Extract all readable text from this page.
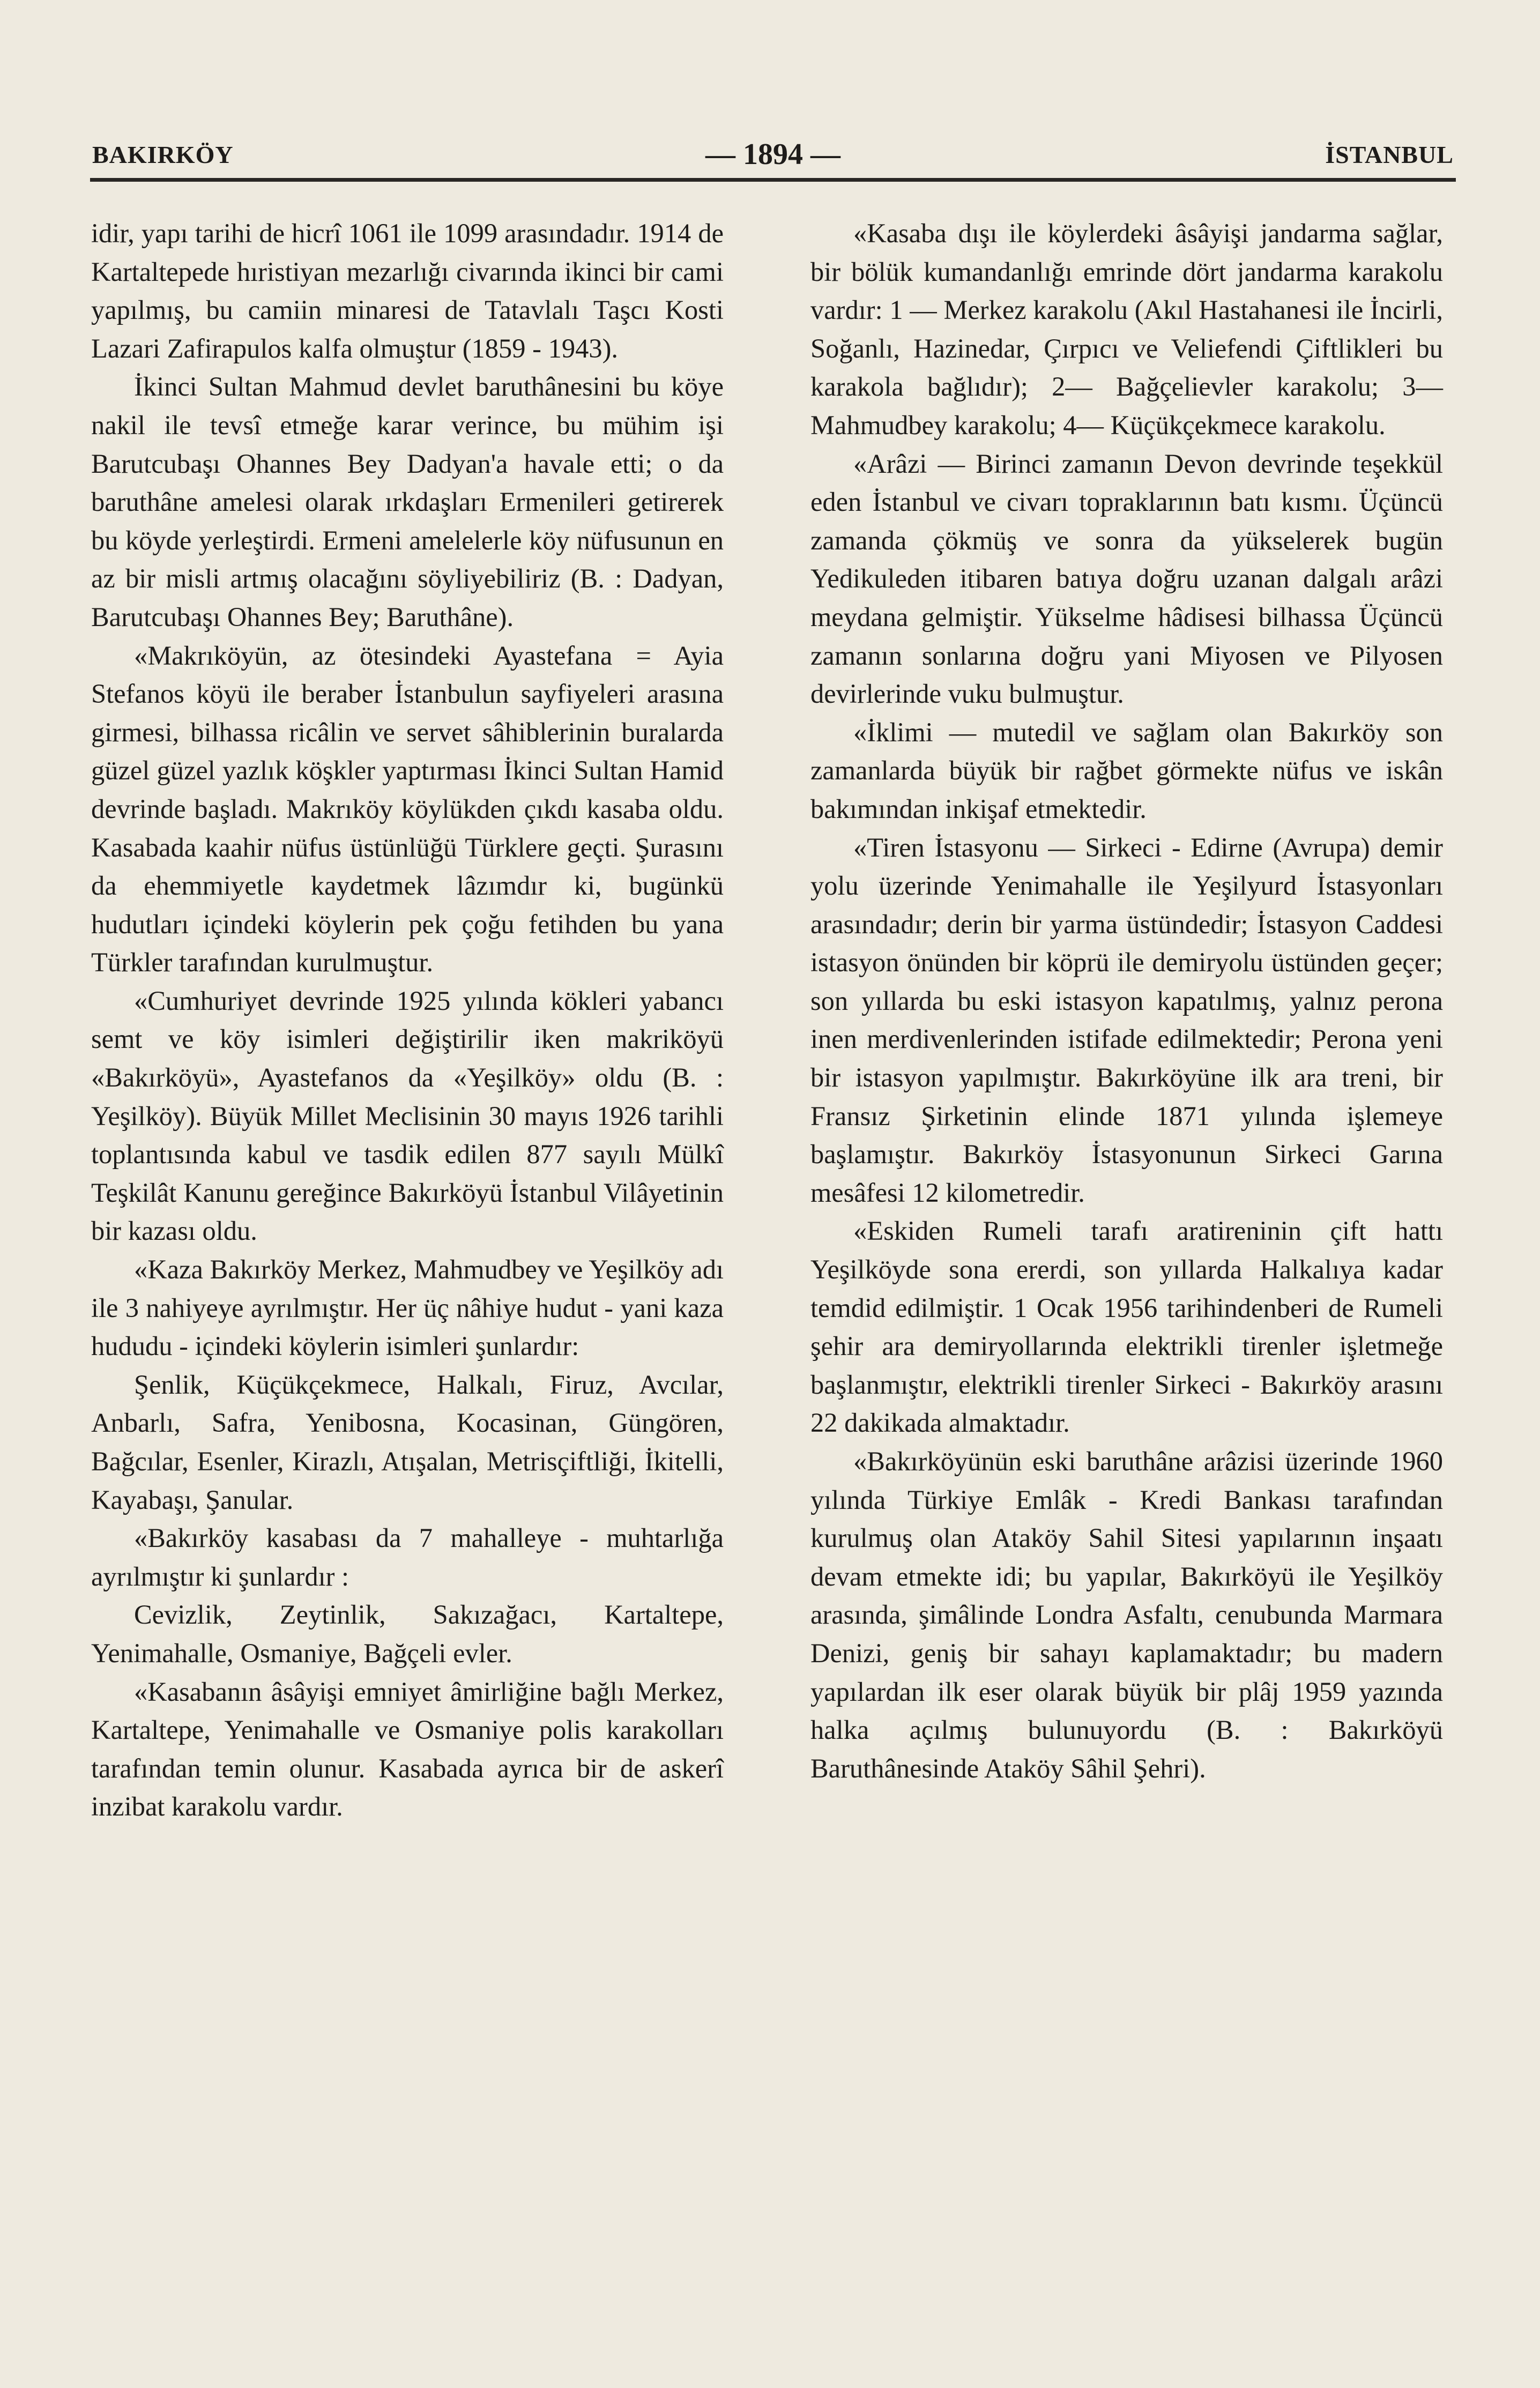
BAKIRKÖY	— 1894 —	İSTANBUL

idir, yapı tarihi de hicrî 1061 ile 1099 arasındadır. 1914 de Kartaltepede hıristiyan mezarlığı civarında ikinci bir cami yapılmış, bu camiin minaresi de Tatavlalı Taşcı Kosti Lazari Zafirapulos kalfa olmuştur (1859 - 1943).

İkinci Sultan Mahmud devlet baruthânesini bu köye nakil ile tevsî etmeğe karar verince, bu mühim işi Barutcubaşı Ohannes Bey Dadyan'a havale etti; o da baruthâne amelesi olarak ırkdaşları Ermenileri getirerek bu köyde yerleştirdi. Ermeni amelelerle köy nüfusunun en az bir misli artmış olacağını söyliyebiliriz (B. : Dadyan, Barutcubaşı Ohannes Bey; Baruthâne).

«Makrıköyün, az ötesindeki Ayastefana = Ayia Stefanos köyü ile beraber İstanbulun sayfiyeleri arasına girmesi, bilhassa ricâlin ve servet sâhiblerinin buralarda güzel güzel yazlık köşkler yaptırması İkinci Sultan Hamid devrinde başladı. Makrıköy köylükden çıkdı kasaba oldu. Kasabada kaahir nüfus üstünlüğü Türklere geçti. Şurasını da ehemmiyetle kaydetmek lâzımdır ki, bugünkü hudutları içindeki köylerin pek çoğu fetihden bu yana Türkler tarafından kurulmuştur.

«Cumhuriyet devrinde 1925 yılında kökleri yabancı semt ve köy isimleri değiştirilir iken makriköyü «Bakırköyü», Ayastefanos da «Yeşilköy» oldu (B. : Yeşilköy). Büyük Millet Meclisinin 30 mayıs 1926 tarihli toplantısında kabul ve tasdik edilen 877 sayılı Mülkî Teşkilât Kanunu gereğince Bakırköyü İstanbul Vilâyetinin bir kazası oldu.

«Kaza Bakırköy Merkez, Mahmudbey ve Yeşilköy adı ile 3 nahiyeye ayrılmıştır. Her üç nâhiye hudut - yani kaza hududu - içindeki köylerin isimleri şunlardır:

Şenlik, Küçükçekmece, Halkalı, Firuz, Avcılar, Anbarlı, Safra, Yenibosna, Kocasinan, Güngören, Bağcılar, Esenler, Kirazlı, Atışalan, Metrisçiftliği, İkitelli, Kayabaşı, Şanular.

«Bakırköy kasabası da 7 mahalleye - muhtarlığa ayrılmıştır ki şunlardır :

Cevizlik, Zeytinlik, Sakızağacı, Kartaltepe, Yenimahalle, Osmaniye, Bağçeli evler.

«Kasabanın âsâyişi emniyet âmirliğine bağlı Merkez, Kartaltepe, Yenimahalle ve Osmaniye polis karakolları tarafından temin olunur. Kasabada ayrıca bir de askerî inzibat karakolu vardır.

«Kasaba dışı ile köylerdeki âsâyişi jandarma sağlar, bir bölük kumandanlığı emrinde dört jandarma karakolu vardır: 1 — Merkez karakolu (Akıl Hastahanesi ile İncirli, Soğanlı, Hazinedar, Çırpıcı ve Veliefendi Çiftlikleri bu karakola bağlıdır); 2— Bağçelievler karakolu; 3— Mahmudbey karakolu; 4— Küçükçekmece karakolu.

«Arâzi — Birinci zamanın Devon devrinde teşekkül eden İstanbul ve civarı topraklarının batı kısmı. Üçüncü zamanda çökmüş ve sonra da yükselerek bugün Yedikuleden itibaren batıya doğru uzanan dalgalı arâzi meydana gelmiştir. Yükselme hâdisesi bilhassa Üçüncü zamanın sonlarına doğru yani Miyosen ve Pilyosen devirlerinde vuku bulmuştur.

«İklimi — mutedil ve sağlam olan Bakırköy son zamanlarda büyük bir rağbet görmekte nüfus ve iskân bakımından inkişaf etmektedir.

«Tiren İstasyonu — Sirkeci - Edirne (Avrupa) demir yolu üzerinde Yenimahalle ile Yeşilyurd İstasyonları arasındadır; derin bir yarma üstündedir; İstasyon Caddesi istasyon önünden bir köprü ile demiryolu üstünden geçer; son yıllarda bu eski istasyon kapatılmış, yalnız perona inen merdivenlerinden istifade edilmektedir; Perona yeni bir istasyon yapılmıştır. Bakırköyüne ilk ara treni, bir Fransız Şirketinin elinde 1871 yılında işlemeye başlamıştır. Bakırköy İstasyonunun Sirkeci Garına mesâfesi 12 kilometredir.

«Eskiden Rumeli tarafı aratireninin çift hattı Yeşilköyde sona ererdi, son yıllarda Halkalıya kadar temdid edilmiştir. 1 Ocak 1956 tarihindenberi de Rumeli şehir ara demiryollarında elektrikli tirenler işletmeğe başlanmıştır, elektrikli tirenler Sirkeci - Bakırköy arasını 22 dakikada almaktadır.

«Bakırköyünün eski baruthâne arâzisi üzerinde 1960 yılında Türkiye Emlâk - Kredi Bankası tarafından kurulmuş olan Ataköy Sahil Sitesi yapılarının inşaatı devam etmekte idi; bu yapılar, Bakırköyü ile Yeşilköy arasında, şimâlinde Londra Asfaltı, cenubunda Marmara Denizi, geniş bir sahayı kaplamaktadır; bu madern yapılardan ilk eser olarak büyük bir plâj 1959 yazında halka açılmış bulunuyordu (B. : Bakırköyü Baruthânesinde Ataköy Sâhil Şehri).
